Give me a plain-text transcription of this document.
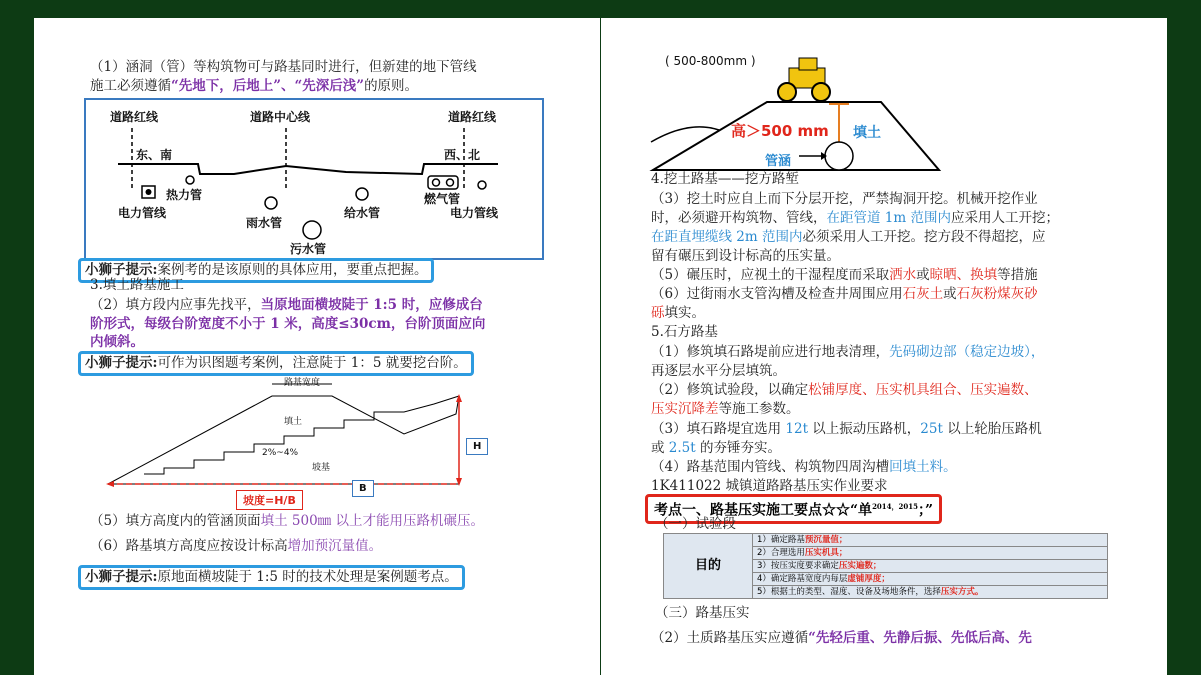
（1）涵洞（管）等构筑物可与路基同时进行，但新建的地下管线
施工必须遵循“先地下，后地上”、“先深后浅”的原则。
道路红线	道路中心线	道路红线
东、南	西、北
热力管
电力管线
雨水管
给水管
燃气管
电力管线
污水管
小狮子提示:案例考的是该原则的具体应用，要重点把握。
3.填土路基施工
（2）填方段内应事先找平，当原地面横坡陡于 1:5 时，应修成台
阶形式，每级台阶宽度不小于 1 米，高度≤30cm，台阶顶面应向
内倾斜。
小狮子提示:可作为识图题考案例，注意陡于 1：5 就要挖台阶。
路基宽度
填土
2%~4%
坡基
H
B
坡度=H/B
（5）填方高度内的管涵顶面填土 500㎜ 以上才能用压路机碾压。
（6）路基填方高度应按设计标高增加预沉量值。
小狮子提示:原地面横坡陡于 1:5 时的技术处理是案例题考点。
( 500-800mm )
高＞500 mm 填土
管涵
4.挖土路基——挖方路堑
（3）挖土时应自上而下分层开挖，严禁掏洞开挖。机械开挖作业
时，必须避开构筑物、管线，在距管道 1m 范围内应采用人工开挖；
在距直埋缆线 2m 范围内必须采用人工开挖。挖方段不得超挖，应
留有碾压到设计标高的压实量。
（5）碾压时，应视土的干湿程度而采取洒水或晾晒、换填等措施
（6）过街雨水支管沟槽及检查井周围应用石灰土或石灰粉煤灰砂
砾填实。
5.石方路基
（1）修筑填石路堤前应进行地表清理，先码砌边部（稳定边坡），
再逐层水平分层填筑。
（2）修筑试验段，以确定松铺厚度、压实机具组合、压实遍数、
压实沉降差等施工参数。
（3）填石路堤宜选用 12t 以上振动压路机，25t 以上轮胎压路机
或 2.5t 的夯锤夯实。
（4）路基范围内管线、构筑物四周沟槽回填土料。
1K411022 城镇道路路基压实作业要求
考点一、路基压实施工要点☆☆“单$^{2014,2015}$；”
（一）试验段
目的	1）确定路基预沉量值；
2）合理选用压实机具；
3）按压实度要求确定压实遍数；
4）确定路基宽度内每层虚铺厚度；
5）根据土的类型、湿度、设备及场地条件，选择压实方式。
（三）路基压实
（2）土质路基压实应遵循“先轻后重、先静后振、先低后高、先
